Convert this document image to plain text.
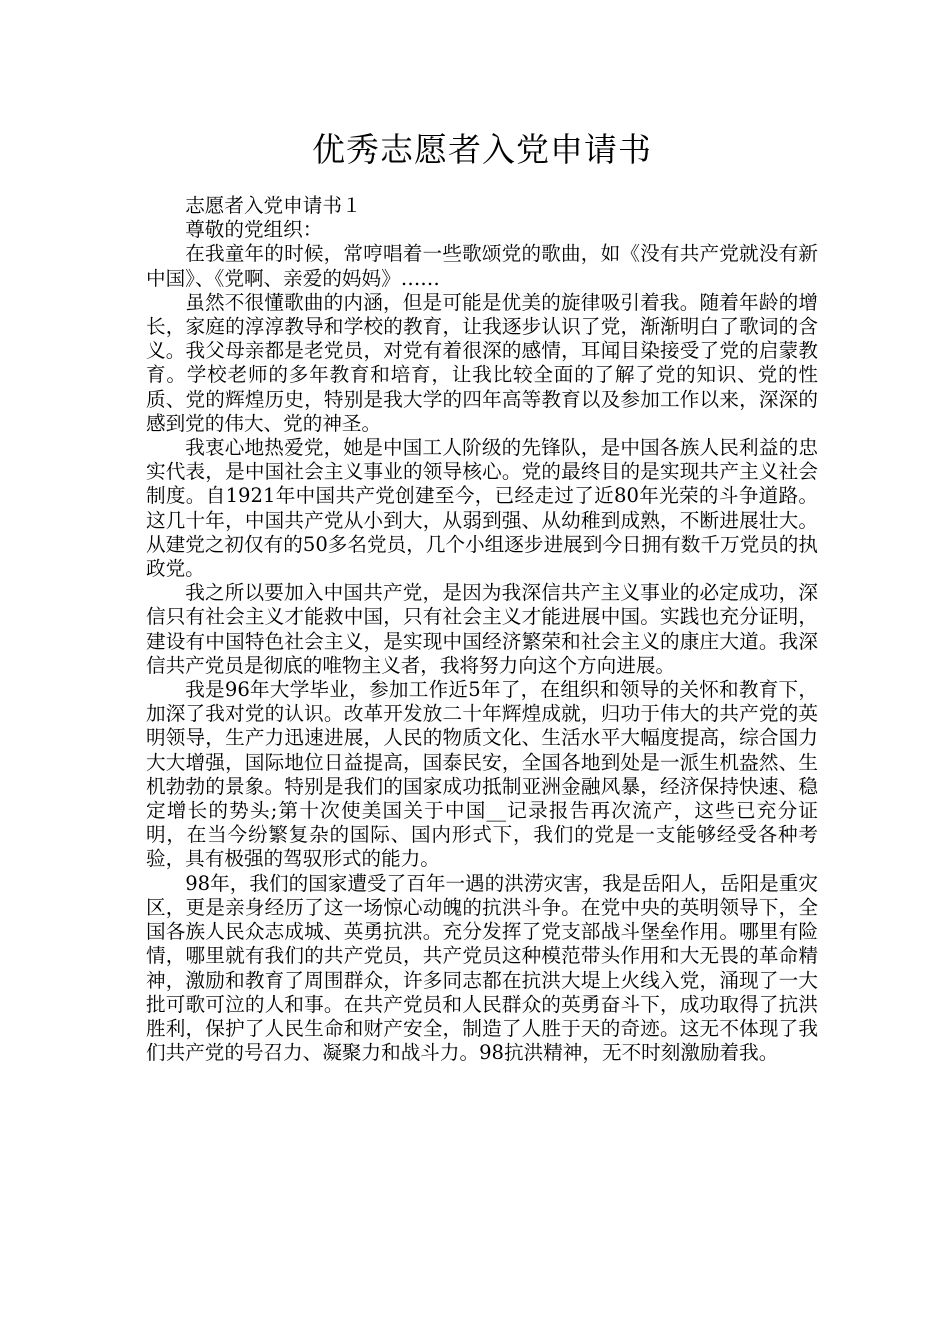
优秀志愿者入党申请书

志愿者入党申请书１

尊敬的党组织：

在我童年的时候，常哼唱着一些歌颂党的歌曲，如《没有共产党就没有新中国》、《党啊、亲爱的妈妈》……

虽然不很懂歌曲的内涵，但是可能是优美的旋律吸引着我。随着年龄的增长，家庭的淳淳教导和学校的教育，让我逐步认识了党，渐渐明白了歌词的含义。我父母亲都是老党员，对党有着很深的感情，耳闻目染接受了党的启蒙教育。学校老师的多年教育和培育，让我比较全面的了解了党的知识、党的性质、党的辉煌历史，特别是我大学的四年高等教育以及参加工作以来，深深的感到党的伟大、党的神圣。

我衷心地热爱党，她是中国工人阶级的先锋队，是中国各族人民利益的忠实代表，是中国社会主义事业的领导核心。党的最终目的是实现共产主义社会制度。自1921年中国共产党创建至今，已经走过了近80年光荣的斗争道路。这几十年，中国共产党从小到大，从弱到强、从幼稚到成熟，不断进展壮大。从建党之初仅有的50多名党员，几个小组逐步进展到今日拥有数千万党员的执政党。

我之所以要加入中国共产党，是因为我深信共产主义事业的必定成功，深信只有社会主义才能救中国，只有社会主义才能进展中国。实践也充分证明，建设有中国特色社会主义，是实现中国经济繁荣和社会主义的康庄大道。我深信共产党员是彻底的唯物主义者，我将努力向这个方向进展。

我是96年大学毕业，参加工作近5年了，在组织和领导的关怀和教育下，加深了我对党的认识。改革开发放二十年辉煌成就，归功于伟大的共产党的英明领导，生产力迅速进展，人民的物质文化、生活水平大幅度提高，综合国力大大增强，国际地位日益提高，国泰民安，全国各地到处是一派生机盎然、生机勃勃的景象。特别是我们的国家成功抵制亚洲金融风暴，经济保持快速、稳定增长的势头;第十次使美国关于中国__记录报告再次流产，这些已充分证明，在当今纷繁复杂的国际、国内形式下，我们的党是一支能够经受各种考验，具有极强的驾驭形式的能力。

98年，我们的国家遭受了百年一遇的洪涝灾害，我是岳阳人，岳阳是重灾区，更是亲身经历了这一场惊心动魄的抗洪斗争。在党中央的英明领导下，全国各族人民众志成城、英勇抗洪。充分发挥了党支部战斗堡垒作用。哪里有险情，哪里就有我们的共产党员，共产党员这种模范带头作用和大无畏的革命精神，激励和教育了周围群众，许多同志都在抗洪大堤上火线入党，涌现了一大批可歌可泣的人和事。在共产党员和人民群众的英勇奋斗下，成功取得了抗洪胜利，保护了人民生命和财产安全，制造了人胜于天的奇迹。这无不体现了我们共产党的号召力、凝聚力和战斗力。98抗洪精神，无不时刻激励着我。
